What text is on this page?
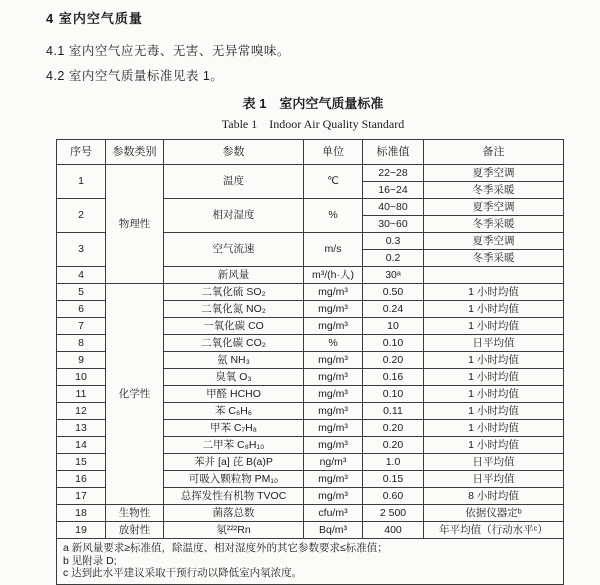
4 室内空气质量

4.1 室内空气应无毒、无害、无异常嗅味。

4.2 室内空气质量标准见表 1。

表 1　室内空气质量标准
Table 1　Indoor Air Quality Standard
序号	参数类别	参数	单位	标准值	备注
1	物理性	温度	℃	22~28	夏季空调
				16~24	冬季采暖
2		相对湿度	%	40~80	夏季空调
				30~60	冬季采暖
3		空气流速	m/s	0.3	夏季空调
				0.2	冬季采暖
4		新风量	m³/(h·人)	30ᵃ	
5	化学性	二氧化硫 SO₂	mg/m³	0.50	1 小时均值
6		二氧化氮 NO₂	mg/m³	0.24	1 小时均值
7		一氧化碳 CO	mg/m³	10	1 小时均值
8		二氧化碳 CO₂	%	0.10	日平均值
9		氨 NH₃	mg/m³	0.20	1 小时均值
10		臭氧 O₃	mg/m³	0.16	1 小时均值
11		甲醛 HCHO	mg/m³	0.10	1 小时均值
12		苯 C₆H₆	mg/m³	0.11	1 小时均值
13		甲苯 C₇H₈	mg/m³	0.20	1 小时均值
14		二甲苯 C₈H₁₀	mg/m³	0.20	1 小时均值
15		苯并 [a] 芘 B(a)P	ng/m³	1.0	日平均值
16		可吸入颗粒物 PM₁₀	mg/m³	0.15	日平均值
17		总挥发性有机物 TVOC	mg/m³	0.60	8 小时均值
18	生物性	菌落总数	cfu/m³	2 500	依据仪器定ᵇ
19	放射性	氡²²²Rn	Bq/m³	400	年平均值（行动水平ᶜ）

a 新风量要求≥标准值，除温度、相对湿度外的其它参数要求≤标准值；
b 见附录 D;
c 达到此水平建议采取干预行动以降低室内氡浓度。					
